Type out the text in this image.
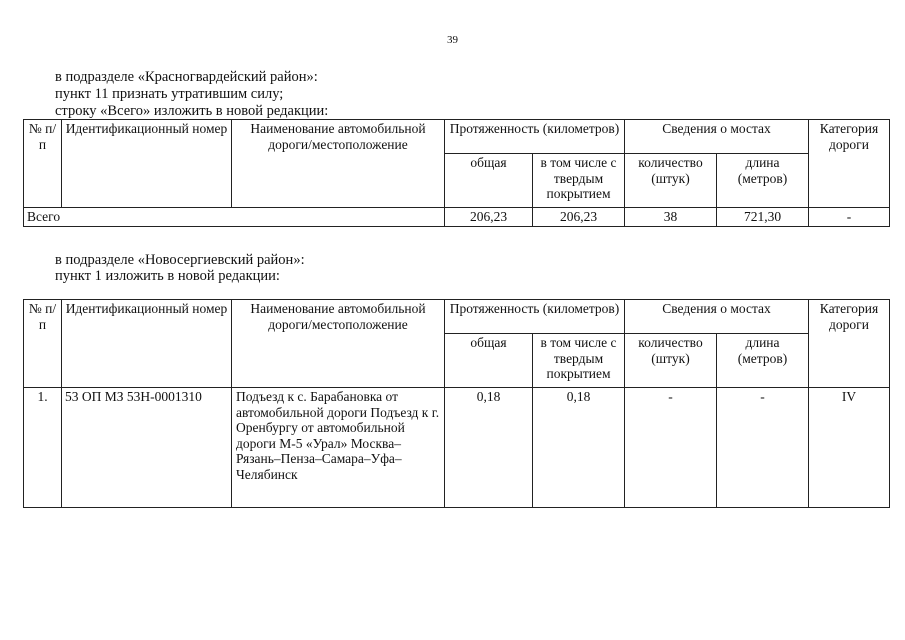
39
в подразделе «Красногвардейский район»:
пункт 11 признать утратившим силу;
строку «Всего» изложить в новой редакции:
№ п/п	Идентификационный номер	Наименование автомобильной дороги/местоположение	Протяженность (километров)		Сведения о мостах		Категория дороги
			общая	в том числе с твердым покрытием	количество (штук)	длина (метров)	
Всего			206,23	206,23	38	721,30	-
в подразделе «Новосергиевский район»:
пункт 1 изложить в новой редакции:
№ п/п	Идентификационный номер	Наименование автомобильной дороги/местоположение	Протяженность (километров)		Сведения о мостах		Категория дороги
			общая	в том числе с твердым покрытием	количество (штук)	длина (метров)	
1.	53 ОП МЗ 53Н-0001310	Подъезд к с. Барабановка от автомобильной дороги Подъезд к г. Оренбургу от автомобильной дороги М-5 «Урал» Москва–Рязань–Пенза–Самара–Уфа–Челябинск	0,18	0,18	-	-	IV
